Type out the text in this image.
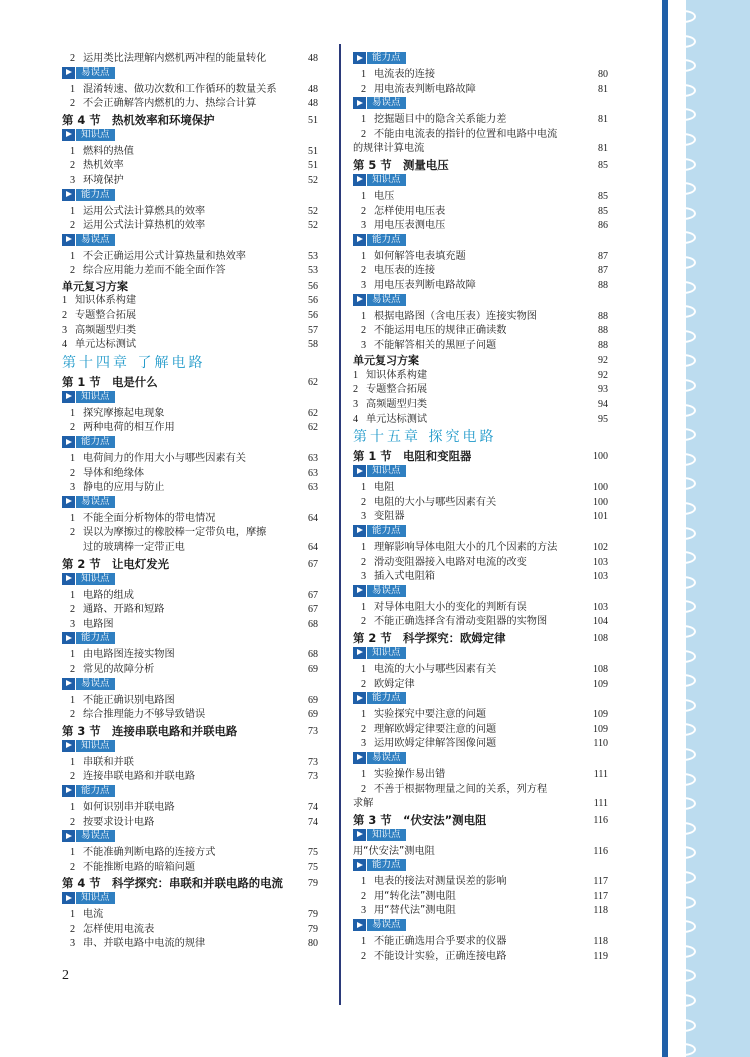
2 运用类比法理解内燃机两冲程的能量转化	48
易误点
1 混淆转速、做功次数和工作循环的数量关系	48
2 不会正确解答内燃机的力、热综合计算	48
第 4 节　热机效率和环境保护	51
知识点
1 燃料的热值	51
2 热机效率	51
3 环境保护	52
能力点
1 运用公式法计算燃具的效率	52
2 运用公式法计算热机的效率	52
易误点
1 不会正确运用公式计算热量和热效率	53
2 综合应用能力差而不能全面作答	53
单元复习方案	56
1 知识体系构建	56
2 专题整合拓展	56
3 高频题型归类	57
4 单元达标测试	58
第十四章 了解电路
第 1 节　电是什么	62
知识点
1 探究摩擦起电现象	62
2 两种电荷的相互作用	62
能力点
1 电荷间力的作用大小与哪些因素有关	63
2 导体和绝缘体	63
3 静电的应用与防止	63
易误点
1 不能全面分析物体的带电情况	64
2 误以为摩擦过的橡胶棒一定带负电，摩擦
过的玻璃棒一定带正电	64
第 2 节　让电灯发光	67
知识点
1 电路的组成	67
2 通路、开路和短路	67
3 电路图	68
能力点
1 由电路图连接实物图	68
2 常见的故障分析	69
易误点
1 不能正确识别电路图	69
2 综合推理能力不够导致错误	69
第 3 节　连接串联电路和并联电路	73
知识点
1 串联和并联	73
2 连接串联电路和并联电路	73
能力点
1 如何识别串并联电路	74
2 按要求设计电路	74
易误点
1 不能准确判断电路的连接方式	75
2 不能推断电路的暗箱问题	75
第 4 节　科学探究：串联和并联电路的电流	79
知识点
1 电流	79
2 怎样使用电流表	79
3 串、并联电路中电流的规律	80
能力点
1 电流表的连接	80
2 用电流表判断电路故障	81
易误点
1 挖掘题目中的隐含关系能力差	81
2 不能由电流表的指针的位置和电路中电流
的规律计算电流	81
第 5 节　测量电压	85
知识点
1 电压	85
2 怎样使用电压表	85
3 用电压表测电压	86
能力点
1 如何解答电表填充题	87
2 电压表的连接	87
3 用电压表判断电路故障	88
易误点
1 根据电路图（含电压表）连接实物图	88
2 不能运用电压的规律正确读数	88
3 不能解答相关的黑匣子问题	88
单元复习方案	92
1 知识体系构建	92
2 专题整合拓展	93
3 高频题型归类	94
4 单元达标测试	95
第十五章 探究电路
第 1 节　电阻和变阻器	100
知识点
1 电阻	100
2 电阻的大小与哪些因素有关	100
3 变阻器	101
能力点
1 理解影响导体电阻大小的几个因素的方法	102
2 滑动变阻器接入电路对电流的改变	103
3 插入式电阻箱	103
易误点
1 对导体电阻大小的变化的判断有误	103
2 不能正确选择含有滑动变阻器的实物图	104
第 2 节　科学探究：欧姆定律	108
知识点
1 电流的大小与哪些因素有关	108
2 欧姆定律	109
能力点
1 实验探究中要注意的问题	109
2 理解欧姆定律要注意的问题	109
3 运用欧姆定律解答图像问题	110
易误点
1 实验操作易出错	111
2 不善于根据物理量之间的关系，列方程
求解	111
第 3 节　“伏安法”测电阻	116
知识点
用“伏安法”测电阻	116
能力点
1 电表的接法对测量误差的影响	117
2 用“转化法”测电阻	117
3 用“替代法”测电阻	118
易误点
1 不能正确选用合乎要求的仪器	118
2 不能设计实验，正确连接电路	119
2
